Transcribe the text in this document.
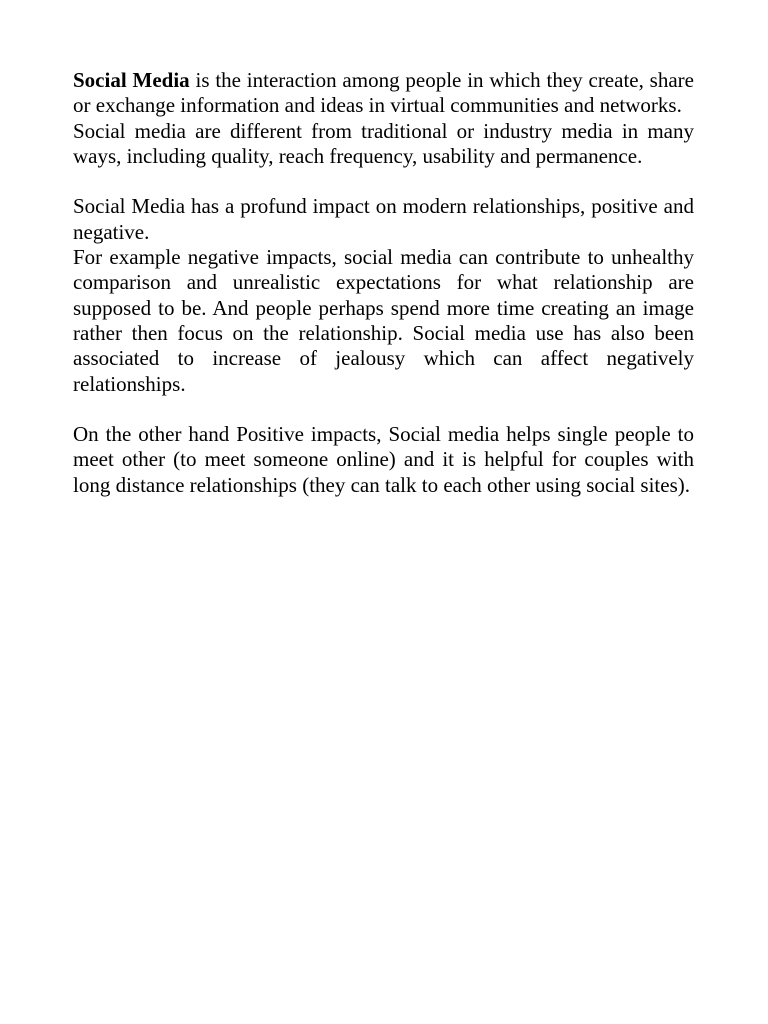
Social Media is the interaction among people in which they create, share or exchange information and ideas in virtual communities and networks.

Social media are different from traditional or industry media in many ways, including quality, reach frequency, usability and permanence.

Social Media has a profund impact on modern relationships, positive and negative.

For example negative impacts, social media can contribute to unhealthy comparison and unrealistic expectations for what relationship are supposed to be. And people perhaps spend more time creating an image rather then focus on the relationship. Social media use has also been associated to increase of jealousy which can affect negatively relationships.

On the other hand Positive impacts, Social media helps single people to meet other (to meet someone online) and it is helpful for couples with long distance relationships (they can talk to each other using social sites).
